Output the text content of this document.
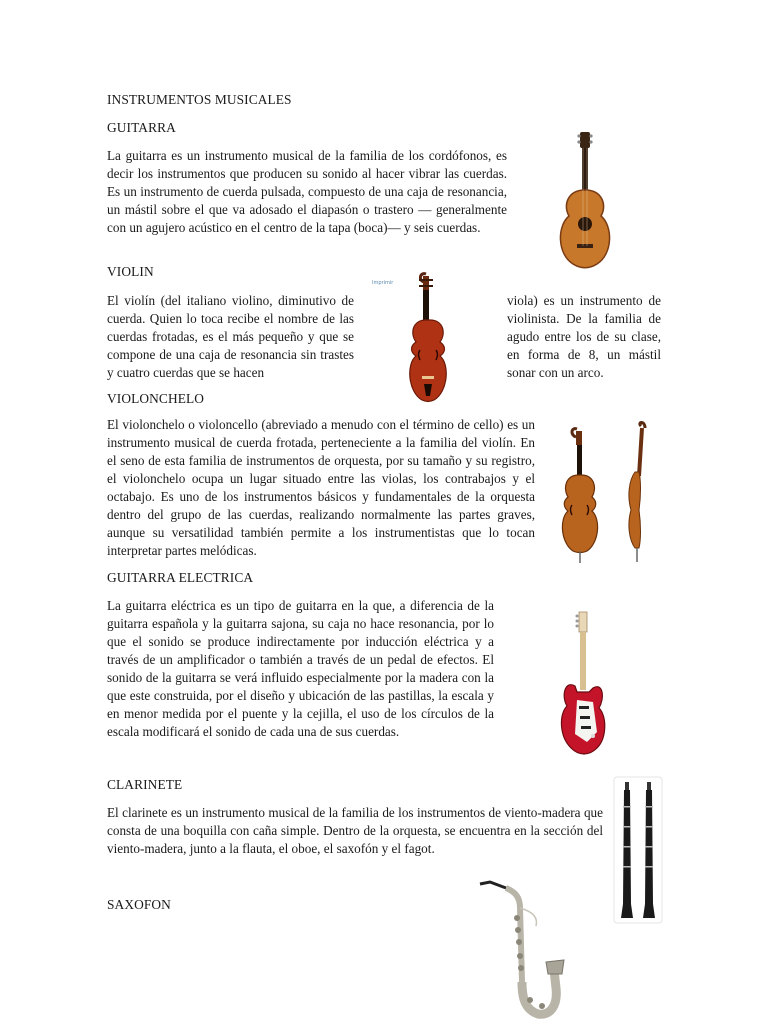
INSTRUMENTOS MUSICALES
GUITARRA

La guitarra es un instrumento musical de la familia de los cordófonos, es decir los instrumentos que producen su sonido al hacer vibrar las cuerdas. Es un instrumento de cuerda pulsada, compuesto de una caja de resonancia, un mástil sobre el que va adosado el diapasón o trastero — generalmente con un agujero acústico en el centro de la tapa (boca)— y seis cuerdas.

VIOLIN

El violín (del italiano violino, diminutivo de cuerda. Quien lo toca recibe el nombre de las cuerdas frotadas, es el más pequeño y que se compone de una caja de resonancia sin trastes y cuatro cuerdas que se hacen

viola) es un instrumento de violinista. De la familia de agudo entre los de su clase, en forma de 8, un mástil sonar con un arco.

Imprimir
VIOLONCHELO

El violonchelo o violoncello (abreviado a menudo con el término de cello) es un instrumento musical de cuerda frotada, perteneciente a la familia del violín. En el seno de esta familia de instrumentos de orquesta, por su tamaño y su registro, el violonchelo ocupa un lugar situado entre las violas, los contrabajos y el octabajo. Es uno de los instrumentos básicos y fundamentales de la orquesta dentro del grupo de las cuerdas, realizando normalmente las partes graves, aunque su versatilidad también permite a los instrumentistas que lo tocan interpretar partes melódicas.

GUITARRA ELECTRICA

La guitarra eléctrica es un tipo de guitarra en la que, a diferencia de la guitarra española y la guitarra sajona, su caja no hace resonancia, por lo que el sonido se produce indirectamente por inducción eléctrica y a través de un amplificador o también a través de un pedal de efectos. El sonido de la guitarra se verá influido especialmente por la madera con la que este construida, por el diseño y ubicación de las pastillas, la escala y en menor medida por el puente y la cejilla, el uso de los círculos de la escala modificará el sonido de cada una de sus cuerdas.

CLARINETE

El clarinete es un instrumento musical de la familia de los instrumentos de viento-madera que consta de una boquilla con caña simple. Dentro de la orquesta, se encuentra en la sección del viento-madera, junto a la flauta, el oboe, el saxofón y el fagot.

SAXOFON
